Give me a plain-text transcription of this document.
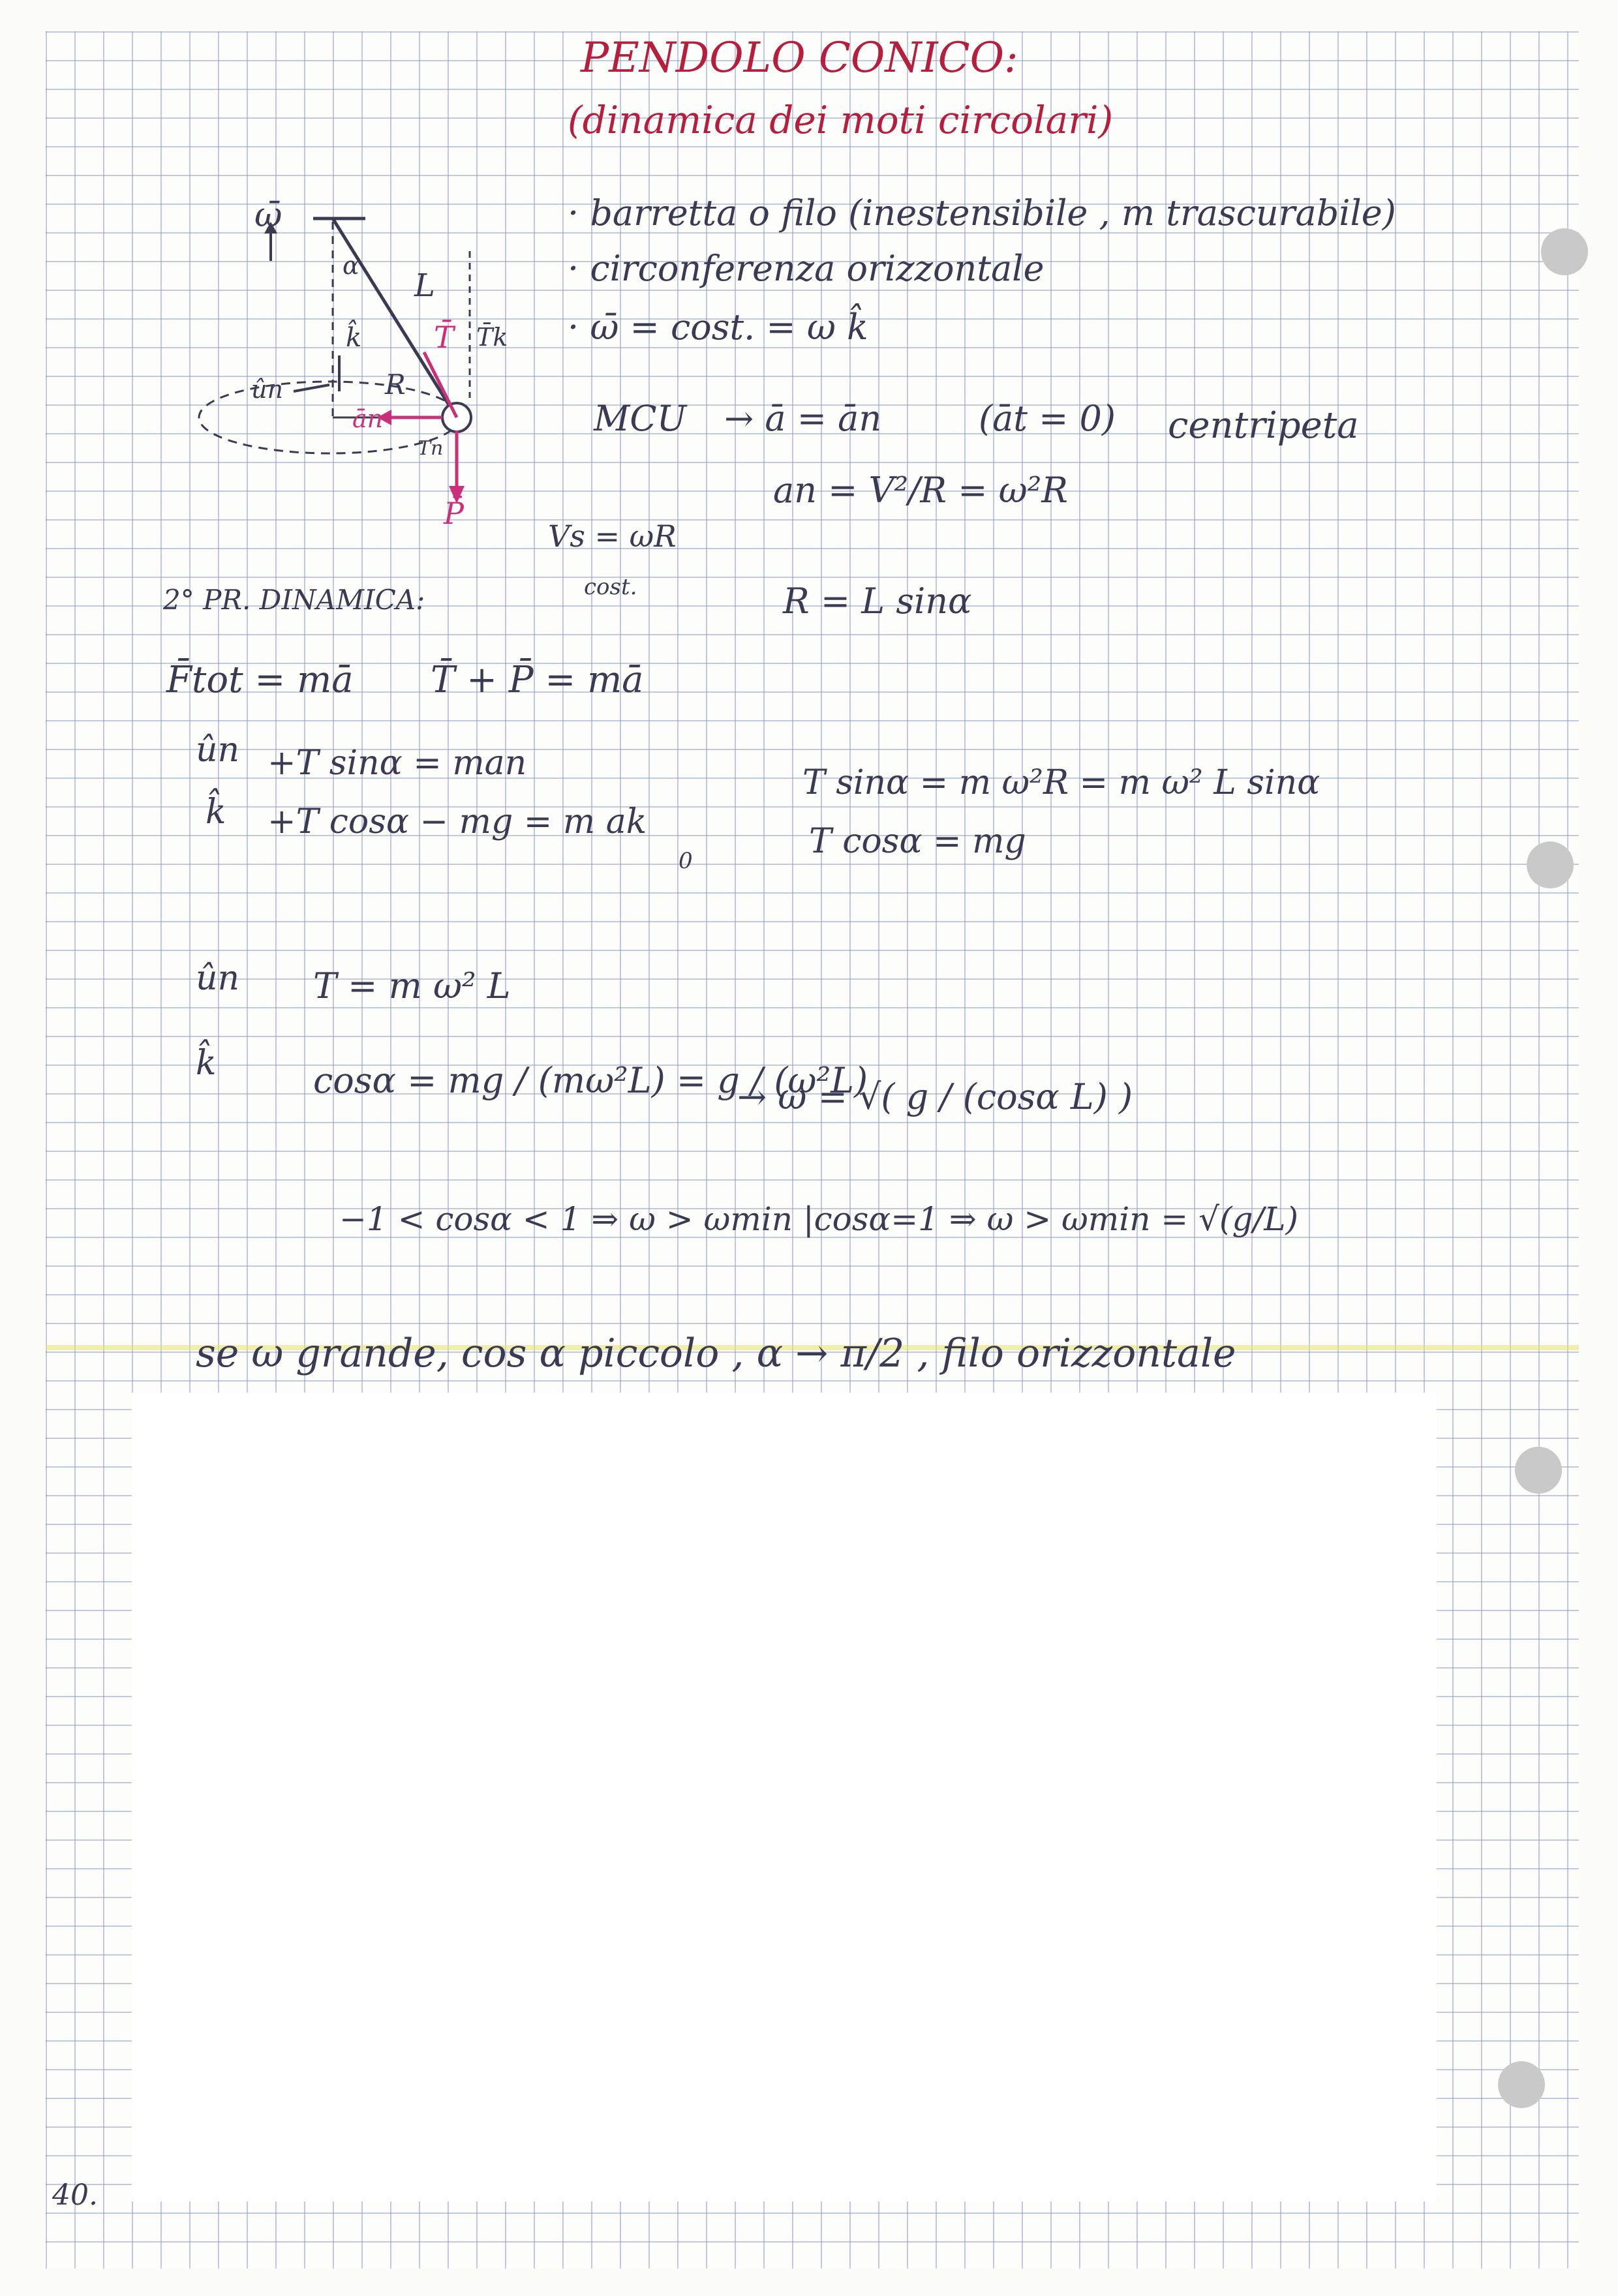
PENDOLO CONICO:
(dinamica dei moti circolari)
ω̄
α
L
k̂
R
ûn
T̄ T̄k
ān
Tn
P̄
· barretta o filo (inestensibile , m trascurabile)
· circonferenza orizzontale
· ω̄ = cost. = ω k̂
MCU → ā = ān	(āt = 0) centripeta
an = V²/R = ω²R
Vs = ωR
cost.	R = L sinα
2° PR. DINAMICA:
F̄tot = mā T̄ + P̄ = mā
ûn
k̂
+T sinα = man
+T cosα − mg = m ak
0
T sinα = m ω²R = m ω² L sinα
T cosα = mg
ûn
k̂
T = m ω² L
cosα = mg / (mω²L) = g / (ω²L)
→ ω = √( g / (cosα L) )
−1 < cosα < 1 ⇒ ω > ωmin |cosα=1 ⇒ ω > ωmin = √(g/L)
se ω grande, cos α piccolo , α → π/2 , filo orizzontale
40.
